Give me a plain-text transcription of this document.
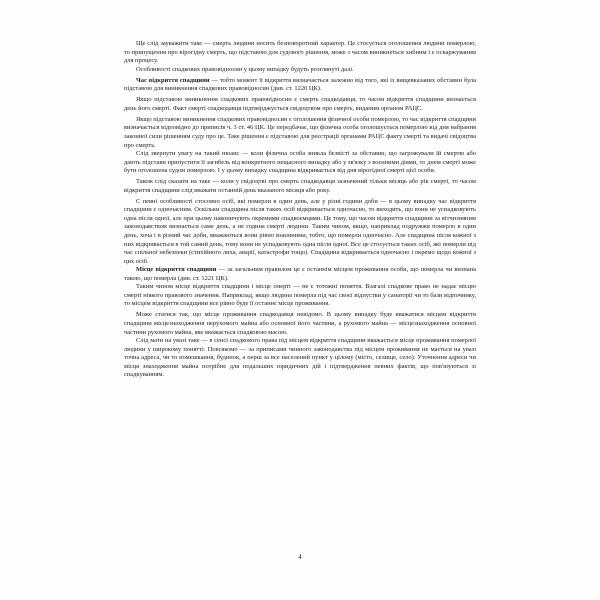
Ще слід зауважити таке — смерть людини носить безповоротний характер. Це стосується оголошення людини померлою, то припущення про вірогідну смерть, що підставою для судового рішення, може з часом виникнеться хибним і є оскаржуваним для процесу.

Особливості спадкових правовідносин у цьому випадку будуть розглянуті далі.

Час відкриття спадщини — тобто момент її відкриття визначається залежно від того, які із вищевказаних обставин була підставою для виникнення спадкових правовідносин (див. ст. 1220 ЦК).

Якщо підставою виникнення спадкових правовідносин є смерть спадкодавця, то часом відкриття спадщини визнається день його смерті. Факт смерті спадкодавця підтверджується свідоцтвом про смерть, виданим органом РАЦС.

Якщо підставою виникнення спадкових правовідносин є оголошення фізичної особи померлою, то час відкриття спадщини визначається відповідно до приписів ч. 3 ст. 46 ЦК. Це передбачає, що фізична особа оголошується померлою від дня набрання законної сили рішенням суду про це. Таке рішення є підставою для реєстрації органами РАЦС факту смерті та видачі свідоцтва про смерть.

Слід звернути увагу на такий нюанс — коли фізична особа зникла безвісті за обставин, що загрожували їй смертю або дають підстави припустити її загибель від конкретного нещасного випадку або у зв'язку з воєнними діями, то днем смерті може бути оголошена судом померлою. І у цьому випадку спадщина відкривається від дня вірогідної смерті цієї особи.

Також слід сказати на таке — коли у свідоцтві про смерть спадкодавця зазначений тільки місяць або рік смерті, то часом відкриття спадщини слід вважати останній день вказаного місяця або року.

С певні особливості стосовно осіб, які померли в один день, але у різні години доби — в цьому випадку час відкриття спадщини є одночасним. Оскільки спадщина після таких осіб відкривається одночасно, то виходить, що вони не успадковують одна після одної, але при цьому накопичують окремими спадкоємцями. Це тому, що часом відкриття спадщини за вітчизняним законодавством визнається саме день, а не година смерті людини. Таким чином, якщо, наприклад подружжя померло в один день, хоча і в різний час доби, вважаються вони рівно взаємними, тобто, що померли одночасно. Але спадщина після кожної з них відкривається в той самий день, тому вони не успадковують одна після одної. Все це стосується таких осіб, які померли під час спільної небезпеки (стихійного лиха, аварії, катастрофи тощо). Спадщина відкривається одночасно і окремо щодо кожної з цих осіб.

Місце відкриття спадщини — за загальним правилом це є останнім місцем проживання особи, що померла чи визнана такою, що померла (див. ст. 1221 ЦК).

Таким чином місце відкриття спадщини і місце смерті — не є тотожні поняття. Взагалі спадкове право не надає місцю смерті ніякого правового значення. Наприклад, якщо людина померла під час своєї відпустки у санаторії чи то бази відпочинку, то місцем відкриття спадщини все рівно буде її останнє місце проживання.

Може статися так, що місце проживання спадкодавця невідомо. В цьому випадку буде вважатися місцем відкриття спадщини місцезнаходження нерухомого майна або основної його частини, а рухомого майна — місцезнаходження основної частини рухомого майна, яке вважається спадковою масою.

Слід мати на увазі таке — в сенсі спадкового права під місцем відкриття спадщини вважається місце проживання померлої людини у широкому понятті. Повсякомо — за приписами чинного законодавства під місцем проживання не мається на увазі точна адреса, чи то помешкання, будинок, а перш за все населений пункт у цілому (місто, селище, село). Уточнення адреси чи місця знаходження майна потрібне для подальших юридичних дій і підтвердження певних фактів, що пов'язуються зі спадкуванням.

4
